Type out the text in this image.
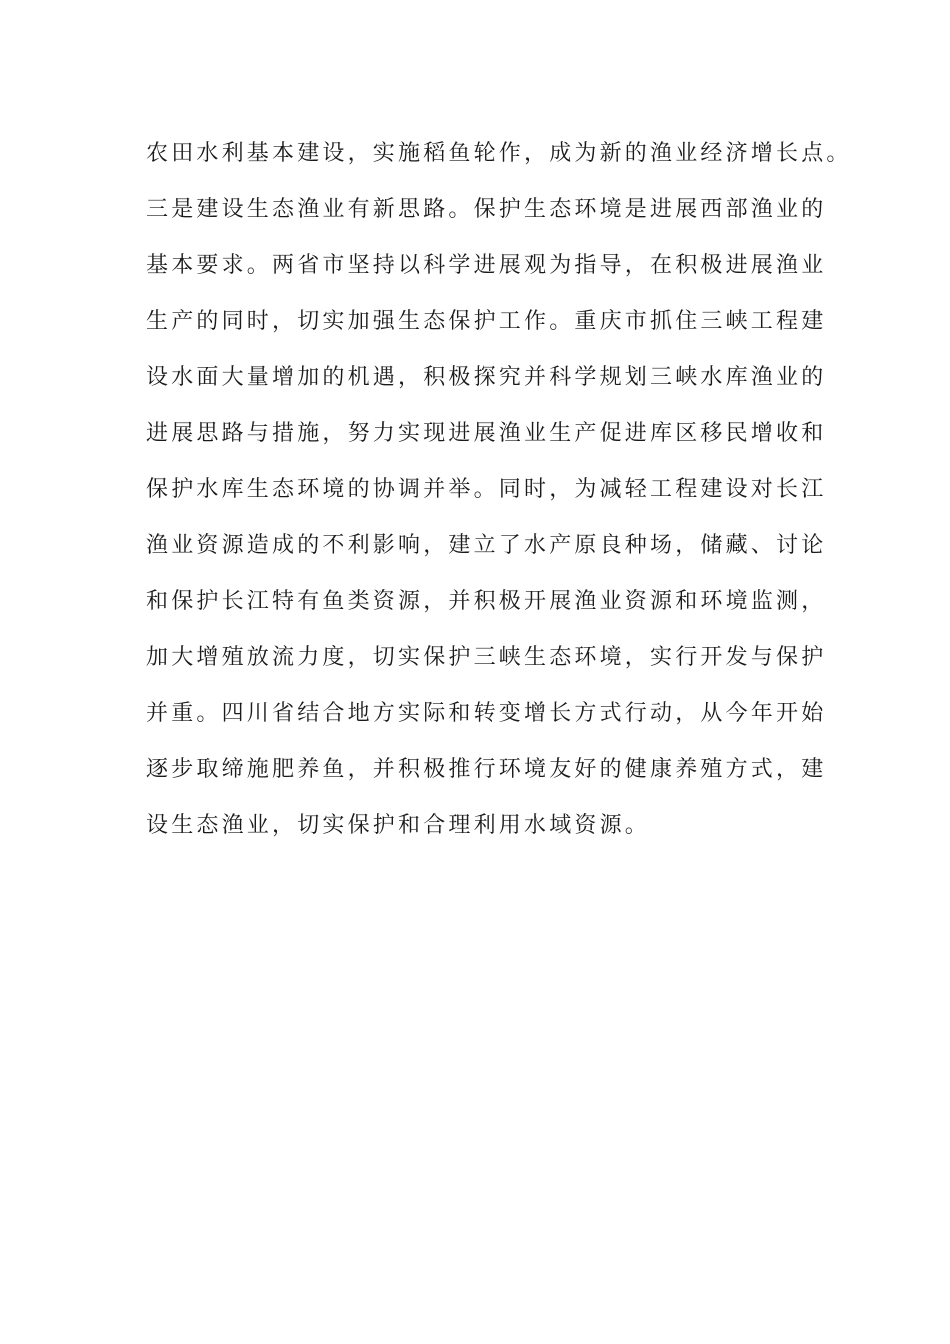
农田水利基本建设，实施稻鱼轮作，成为新的渔业经济增长点。
三是建设生态渔业有新思路。保护生态环境是进展西部渔业的
基本要求。两省市坚持以科学进展观为指导，在积极进展渔业
生产的同时，切实加强生态保护工作。重庆市抓住三峡工程建
设水面大量增加的机遇，积极探究并科学规划三峡水库渔业的
进展思路与措施，努力实现进展渔业生产促进库区移民增收和
保护水库生态环境的协调并举。同时，为减轻工程建设对长江
渔业资源造成的不利影响，建立了水产原良种场，储藏、讨论
和保护长江特有鱼类资源，并积极开展渔业资源和环境监测，
加大增殖放流力度，切实保护三峡生态环境，实行开发与保护
并重。四川省结合地方实际和转变增长方式行动，从今年开始
逐步取缔施肥养鱼，并积极推行环境友好的健康养殖方式，建
设生态渔业，切实保护和合理利用水域资源。
